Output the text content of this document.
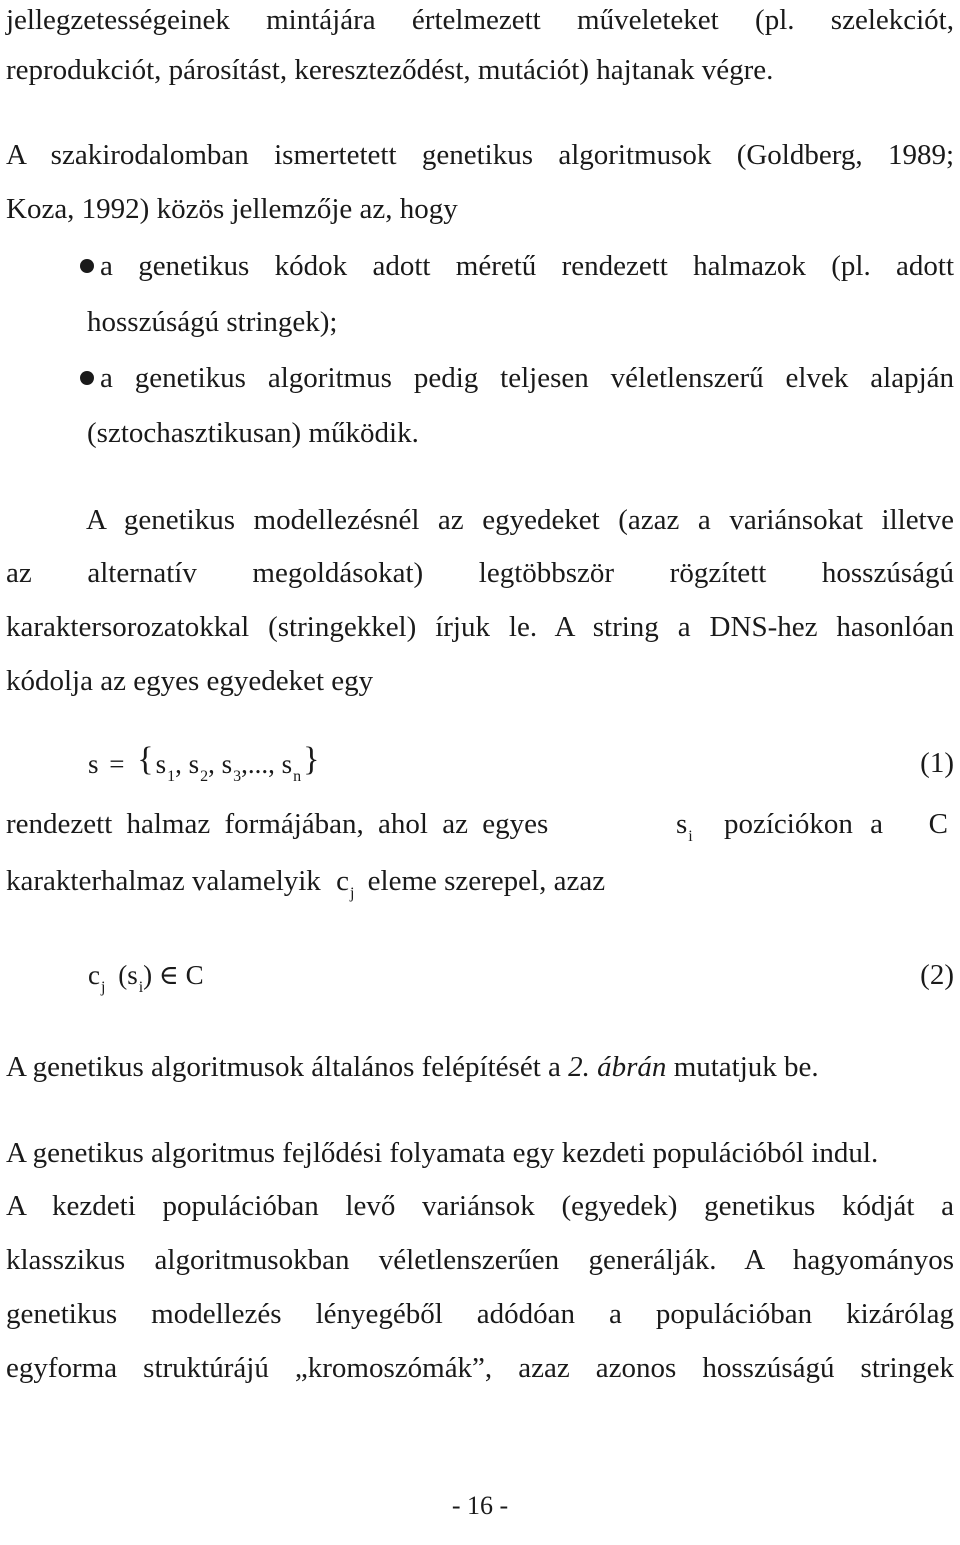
jellegzetességeinek mintájára értelmezett műveleteket (pl. szelekciót,
reprodukciót, párosítást, kereszteződést, mutációt) hajtanak végre.
A szakirodalomban ismertetett genetikus algoritmusok (Goldberg, 1989;
Koza, 1992) közös jellemzője az, hogy
a genetikus kódok adott méretű rendezett halmazok (pl. adott
hosszúságú stringek);
a genetikus algoritmus pedig teljesen véletlenszerű elvek alapján
(sztochasztikusan) működik.
A genetikus modellezésnél az egyedeket (azaz a variánsokat illetve
az alternatív megoldásokat) legtöbbször rögzített hosszúságú
karaktersorozatokkal (stringekkel) írjuk le. A string a DNS-hez hasonlóan
kódolja az egyes egyedeket egy
$s = \{s_1$, $s_2$, $s_3$,..., $s_n$}	(1)
rendezett halmaz formájában, ahol az egyes	$s_i$ pozíciókon a C
karakterhalmaz valamelyik $c_j$ eleme szerepel, azaz
$c_j$ $(s_i)$ ∈ C	(2)
A genetikus algoritmusok általános felépítését a 2. ábrán mutatjuk be.
A genetikus algoritmus fejlődési folyamata egy kezdeti populációból indul.
A kezdeti populációban levő variánsok (egyedek) genetikus kódját a
klasszikus algoritmusokban véletlenszerűen generálják. A hagyományos
genetikus modellezés lényegéből adódóan a populációban kizárólag
egyforma struktúrájú „kromoszómák”, azaz azonos hosszúságú stringek
- 16 -
